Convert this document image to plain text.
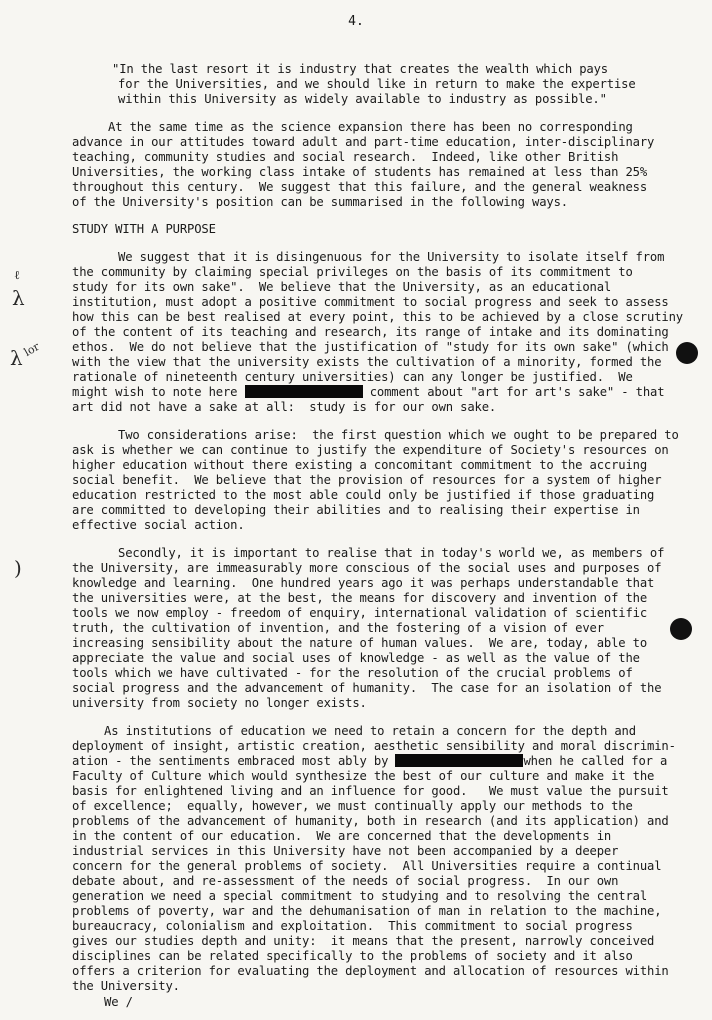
4.
"In the last resort it is industry that creates the wealth which pays
for the Universities, and we should like in return to make the expertise
within this University as widely available to industry as possible."
At the same time as the science expansion there has been no corresponding
advance in our attitudes toward adult and part-time education, inter-disciplinary
teaching, community studies and social research.  Indeed, like other British
Universities, the working class intake of students has remained at less than 25%
throughout this century.  We suggest that this failure, and the general weakness
of the University's position can be summarised in the following ways.
STUDY WITH A PURPOSE
We suggest that it is disingenuous for the University to isolate itself from
the community by claiming special privileges on the basis of its commitment to
study for its own sake".  We believe that the University, as an educational
institution, must adopt a positive commitment to social progress and seek to assess
how this can be best realised at every point, this to be achieved by a close scrutiny
of the content of its teaching and research, its range of intake and its dominating
ethos.  We do not believe that the justification of "study for its own sake" (which
with the view that the university exists the cultivation of a minority, formed the
rationale of nineteenth century universities) can any longer be justified.  We
might wish to note here	comment about "art for art's sake" - that
art did not have a sake at all:  study is for our own sake.
Two considerations arise:  the first question which we ought to be prepared to
ask is whether we can continue to justify the expenditure of Society's resources on
higher education without there existing a concomitant commitment to the accruing
social benefit.  We believe that the provision of resources for a system of higher
education restricted to the most able could only be justified if those graduating
are committed to developing their abilities and to realising their expertise in
effective social action.
Secondly, it is important to realise that in today's world we, as members of
the University, are immeasurably more conscious of the social uses and purposes of
knowledge and learning.  One hundred years ago it was perhaps understandable that
the universities were, at the best, the means for discovery and invention of the
tools we now employ - freedom of enquiry, international validation of scientific
truth, the cultivation of invention, and the fostering of a vision of ever
increasing sensibility about the nature of human values.  We are, today, able to
appreciate the value and social uses of knowledge - as well as the value of the
tools which we have cultivated - for the resolution of the crucial problems of
social progress and the advancement of humanity.  The case for an isolation of the
university from society no longer exists.
As institutions of education we need to retain a concern for the depth and
deployment of insight, artistic creation, aesthetic sensibility and moral discrimin-
ation - the sentiments embraced most ably by	when he called for a
Faculty of Culture which would synthesize the best of our culture and make it the
basis for enlightened living and an influence for good.   We must value the pursuit
of excellence;  equally, however, we must continually apply our methods to the
problems of the advancement of humanity, both in research (and its application) and
in the content of our education.  We are concerned that the developments in
industrial services in this University have not been accompanied by a deeper
concern for the general problems of society.  All Universities require a continual
debate about, and re-assessment of the needs of social progress.  In our own
generation we need a special commitment to studying and to resolving the central
problems of poverty, war and the dehumanisation of man in relation to the machine,
bureaucracy, colonialism and exploitation.  This commitment to social progress
gives our studies depth and unity:  it means that the present, narrowly conceived
disciplines can be related specifically to the problems of society and it also
offers a criterion for evaluating the deployment and allocation of resources within
the University.
We /
ℓ
λ
λ lor
)
